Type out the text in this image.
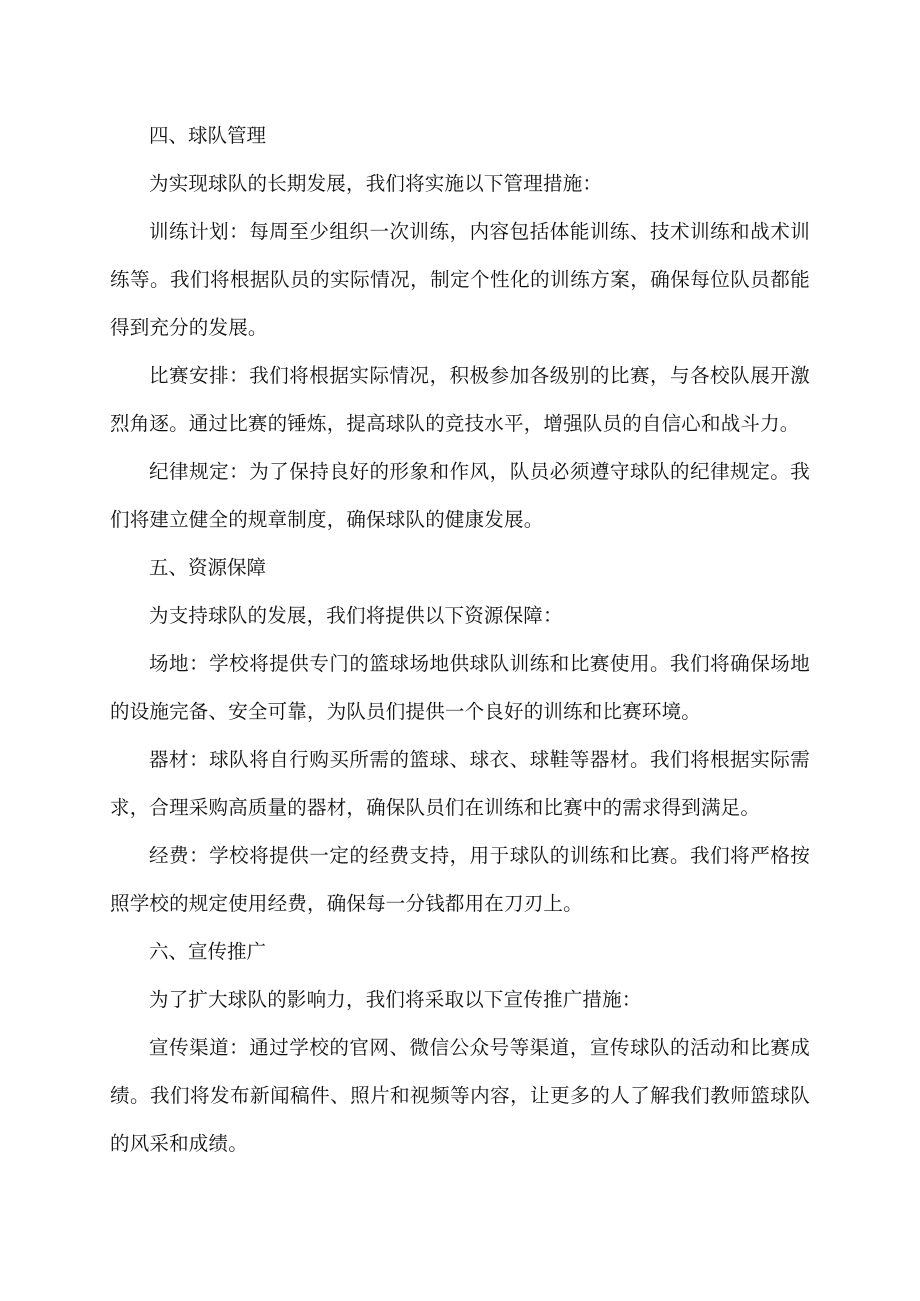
四、球队管理

为实现球队的长期发展，我们将实施以下管理措施：

训练计划：每周至少组织一次训练，内容包括体能训练、技术训练和战术训练等。我们将根据队员的实际情况，制定个性化的训练方案，确保每位队员都能得到充分的发展。

比赛安排：我们将根据实际情况，积极参加各级别的比赛，与各校队展开激烈角逐。通过比赛的锤炼，提高球队的竞技水平，增强队员的自信心和战斗力。

纪律规定：为了保持良好的形象和作风，队员必须遵守球队的纪律规定。我们将建立健全的规章制度，确保球队的健康发展。

五、资源保障

为支持球队的发展，我们将提供以下资源保障：

场地：学校将提供专门的篮球场地供球队训练和比赛使用。我们将确保场地的设施完备、安全可靠，为队员们提供一个良好的训练和比赛环境。

器材：球队将自行购买所需的篮球、球衣、球鞋等器材。我们将根据实际需求，合理采购高质量的器材，确保队员们在训练和比赛中的需求得到满足。

经费：学校将提供一定的经费支持，用于球队的训练和比赛。我们将严格按照学校的规定使用经费，确保每一分钱都用在刀刃上。

六、宣传推广

为了扩大球队的影响力，我们将采取以下宣传推广措施：

宣传渠道：通过学校的官网、微信公众号等渠道，宣传球队的活动和比赛成绩。我们将发布新闻稿件、照片和视频等内容，让更多的人了解我们教师篮球队的风采和成绩。
